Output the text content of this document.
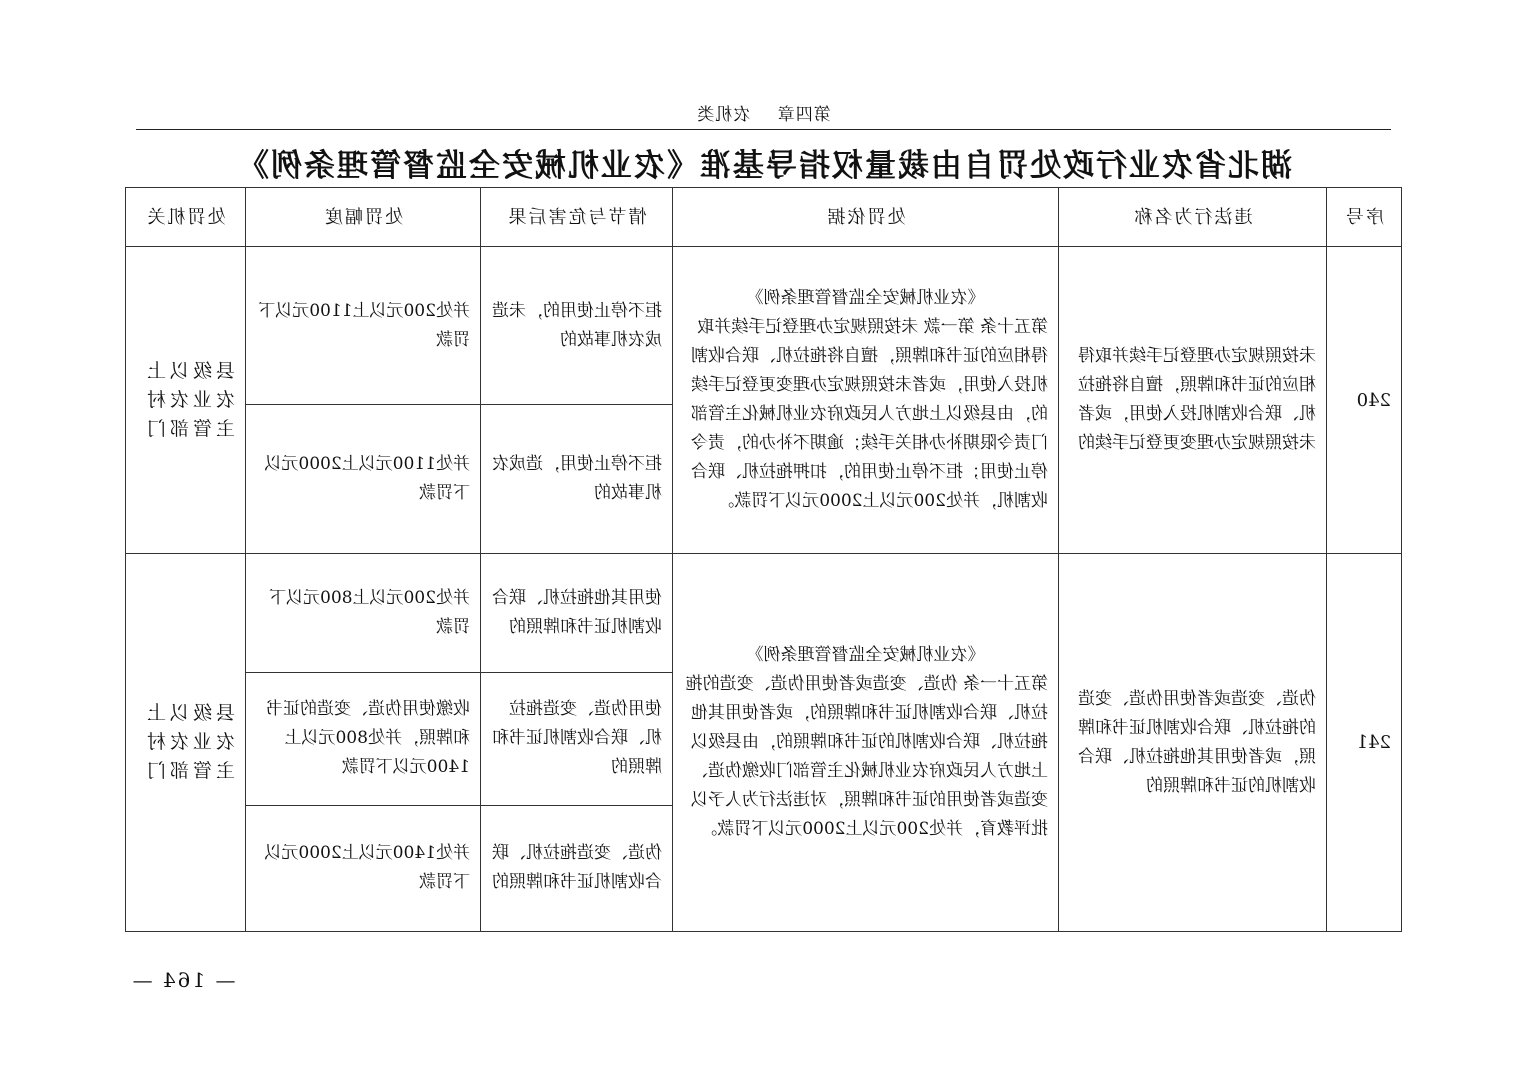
第四章 农机类
湖北省农业行政处罚自由裁量权指导基准《农业机械安全监督管理条例》
序号	违法行为名称	处罚依据	情节与危害后果	处罚幅度	处罚机关
240	未按照规定办理登记手续并取得相应的证书和牌照，擅自将拖拉机、联合收割机投入使用，或者未按照规定办理变更登记手续的	《农业机械安全监督管理条例》
第五十条 第一款 未按照规定办理登记手续并取得相应的证书和牌照，擅自将拖拉机、联合收割机投入使用，或者未按照规定办理变更登记手续的，由县级以上地方人民政府农业机械化主管部门责令限期补办相关手续；逾期不补办的，责令停止使用；拒不停止使用的，扣押拖拉机、联合收割机，并处200元以上2000元以下罚款。	拒不停止使用的，未造成农机事故的	并处200元以上1100元以下罚款	县级以上农业农村主管部门
			拒不停止使用，造成农机事故的	并处1100元以上2000元以下罚款	
241	伪造、变造或者使用伪造、变造的拖拉机、联合收割机证书和牌照，或者使用其他拖拉机、联合收割机的证书和牌照的	《农业机械安全监督管理条例》
第五十一条 伪造、变造或者使用伪造、变造的拖拉机、联合收割机证书和牌照的，或者使用其他拖拉机、联合收割机的证书和牌照的，由县级以上地方人民政府农业机械化主管部门收缴伪造、变造或者使用的证书和牌照，对违法行为人予以批评教育，并处200元以上2000元以下罚款。	使用其他拖拉机、联合收割机证书和牌照的	并处200元以上800元以下罚款	县级以上农业农村主管部门
			使用伪造、变造拖拉机、联合收割机证书和牌照的	收缴使用伪造、变造的证书和牌照，并处800元以上1400元以下罚款	
			伪造、变造拖拉机、联合收割机证书和牌照的	并处1400元以上2000元以下罚款	
— 164 —
